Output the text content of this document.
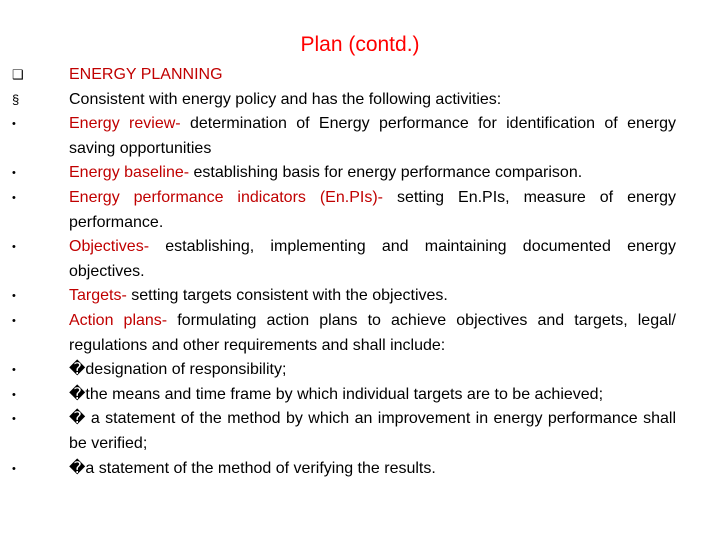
Plan (contd.)
❑	ENERGY PLANNING
§	Consistent with energy policy and has the following activities:
•	Energy review- determination of Energy performance for identification of energy saving opportunities
•	Energy baseline- establishing basis for energy performance comparison.
•	Energy performance indicators (En.PIs)- setting En.PIs, measure of energy performance.
•	Objectives- establishing, implementing and maintaining documented energy objectives.
•	Targets- setting targets consistent with the objectives.
•	Action plans- formulating action plans to achieve objectives and targets, legal/ regulations and other requirements and shall include:
•	�designation of responsibility;
•	�the means and time frame by which individual targets are to be achieved;
•	� a statement of the method by which an improvement in energy performance shall be verified;
•	�a statement of the method of verifying the results.
